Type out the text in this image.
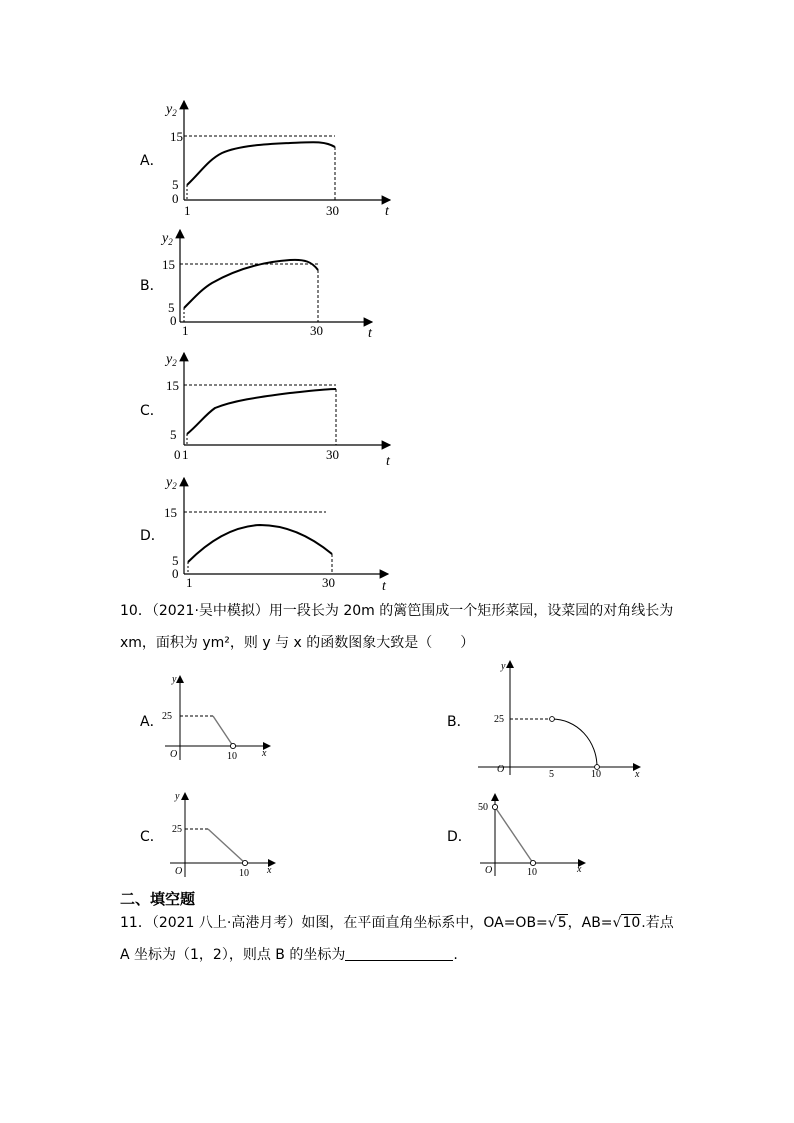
A．
B．
C．
D．
$y_2$
15
5
0
1	30	t
$y_2$
15
5
0
1	30	t
$y_2$
15
5
0 1	30	t
$y_2$
15
5
0
1	30	t
10．（2021·吴中模拟）用一段长为 20m 的篱笆围成一个矩形菜园，设菜园的对角线长为
xm，面积为 ym²，则 y 与 x 的函数图象大致是（　　）
A．	B．
C．	D．
y
25
O	10	x
y
25
O	5	10	x
y
25
O	10 x
50
O	10	x
二、填空题
11．（2021 八上·高港月考）如图，在平面直角坐标系中，OA=OB=√5，AB=√10.若点
A 坐标为（1，2），则点 B 的坐标为	.
